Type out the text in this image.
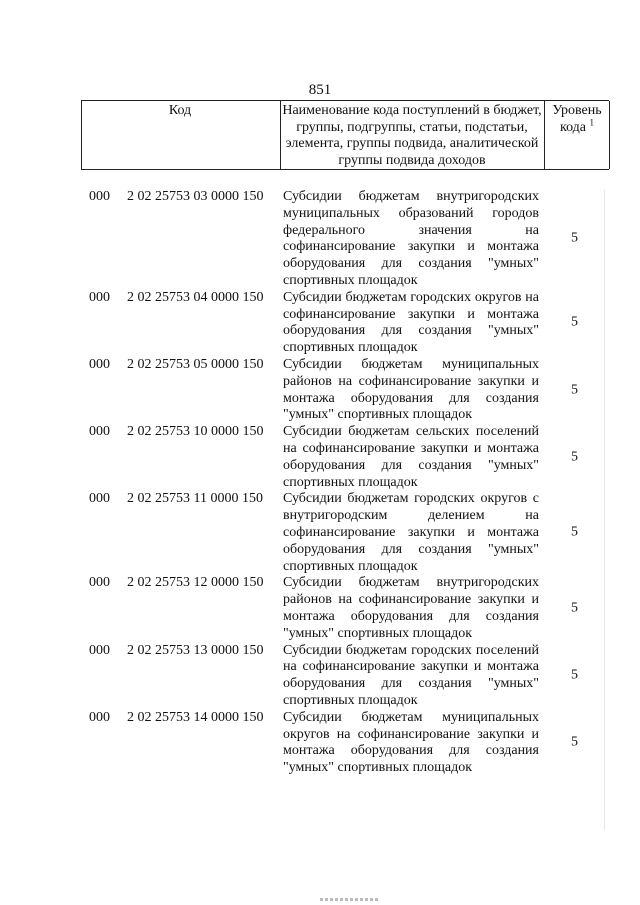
851
Код	Наименование кода поступлений в бюджет, группы, подгруппы, статьи, подстатьи, элемента, группы подвида, аналитической группы подвида доходов
Уровень кода $^1$
000 2 02 25753 03 0000 150 Субсидии бюджетам внутригородских муниципальных образований городов федерального значения на софинансирование закупки и монтажа оборудования для создания "умных" спортивных площадок
5
000 2 02 25753 04 0000 150 Субсидии бюджетам городских округов на софинансирование закупки и монтажа оборудования для создания "умных" спортивных площадок
5
000 2 02 25753 05 0000 150 Субсидии бюджетам муниципальных районов на софинансирование закупки и монтажа оборудования для создания "умных" спортивных площадок
5
000 2 02 25753 10 0000 150 Субсидии бюджетам сельских поселений на софинансирование закупки и монтажа оборудования для создания "умных" спортивных площадок
5
000 2 02 25753 11 0000 150 Субсидии бюджетам городских округов с внутригородским делением на софинансирование закупки и монтажа оборудования для создания "умных" спортивных площадок
5
000 2 02 25753 12 0000 150 Субсидии бюджетам внутригородских районов на софинансирование закупки и монтажа оборудования для создания "умных" спортивных площадок
5
000 2 02 25753 13 0000 150 Субсидии бюджетам городских поселений на софинансирование закупки и монтажа оборудования для создания "умных" спортивных площадок
5
000 2 02 25753 14 0000 150 Субсидии бюджетам муниципальных округов на софинансирование закупки и монтажа оборудования для создания "умных" спортивных площадок
5
